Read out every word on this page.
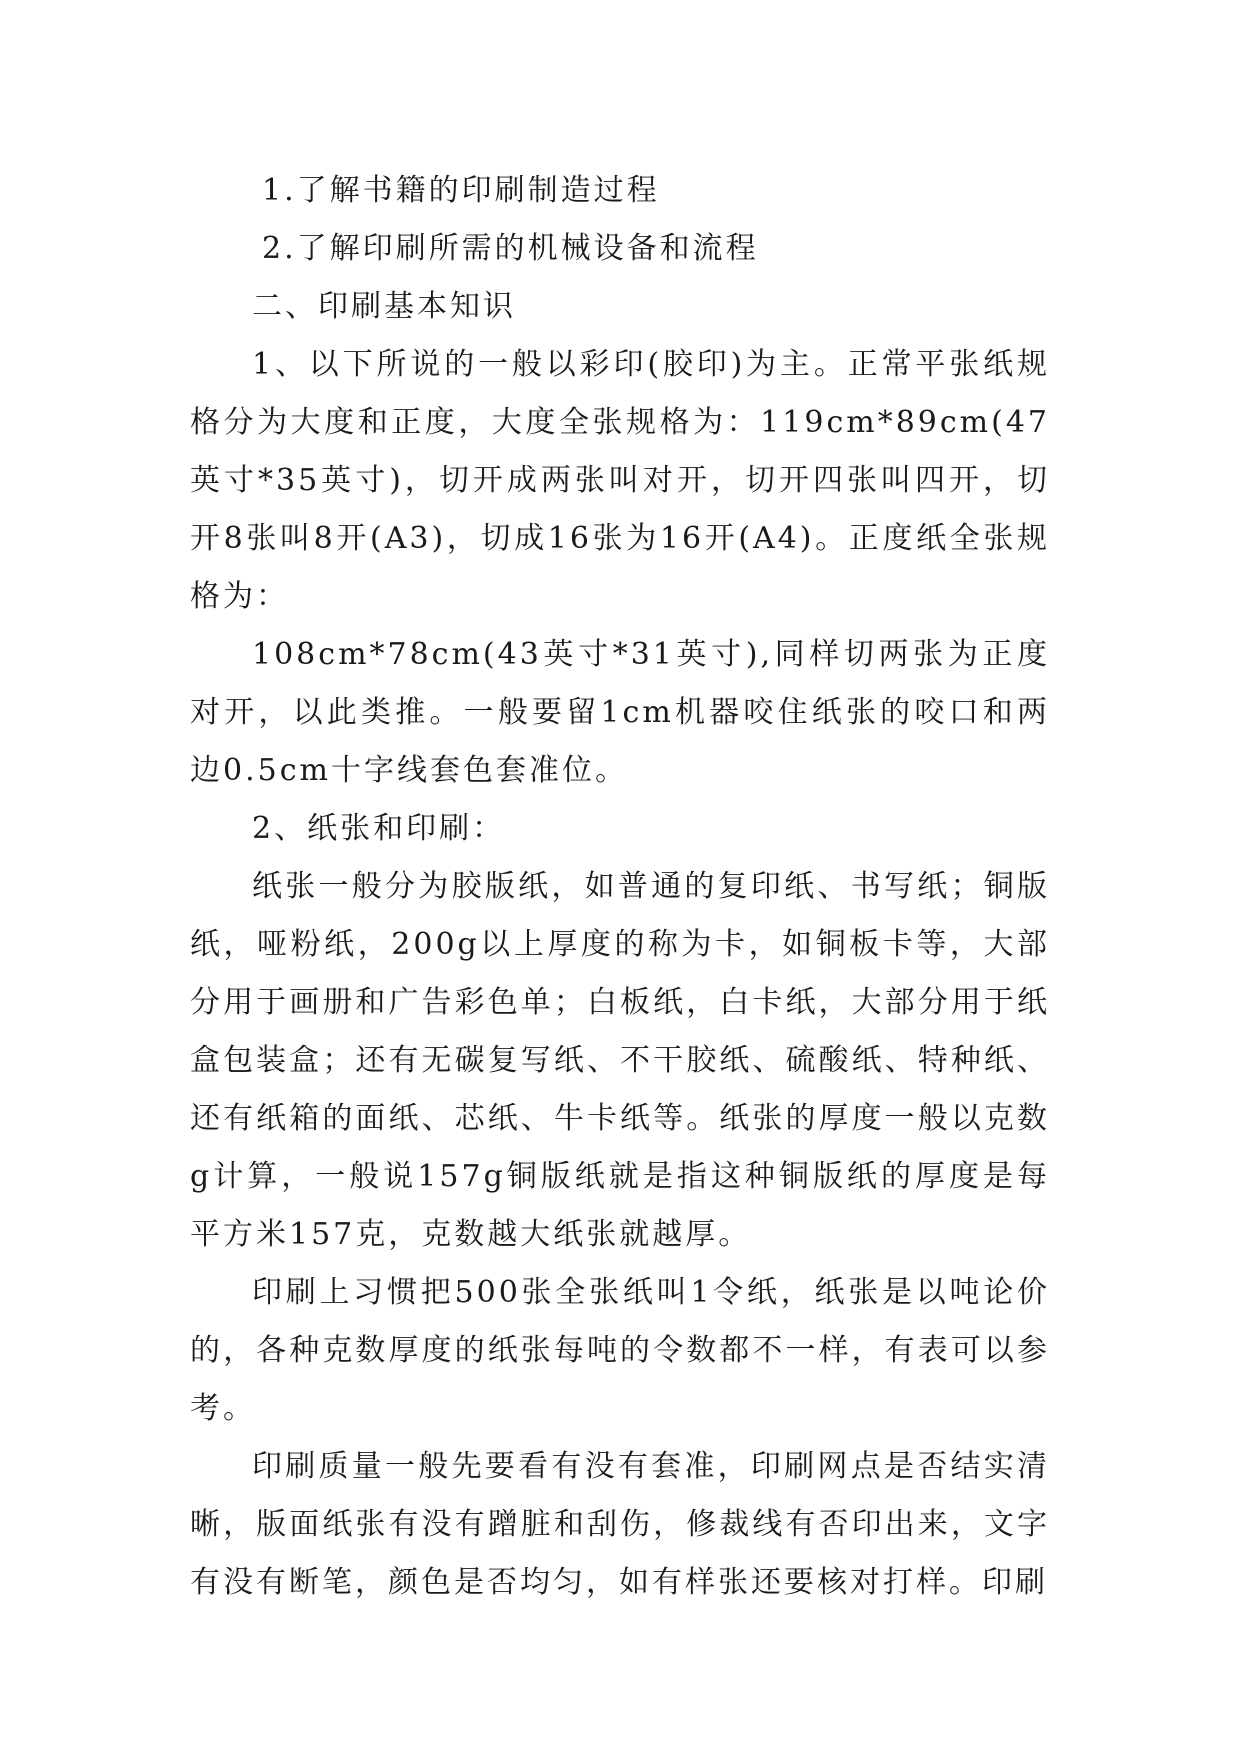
1.了解书籍的印刷制造过程

2.了解印刷所需的机械设备和流程

二、印刷基本知识

1、以下所说的一般以彩印(胶印)为主。正常平张纸规格分为大度和正度，大度全张规格为：119cm*89cm(47英寸*35英寸)，切开成两张叫对开，切开四张叫四开，切开8张叫8开(A3)，切成16张为16开(A4)。正度纸全张规格为：

108cm*78cm(43英寸*31英寸),同样切两张为正度对开，以此类推。一般要留1cm机器咬住纸张的咬口和两边0.5cm十字线套色套准位。

2、纸张和印刷：

纸张一般分为胶版纸，如普通的复印纸、书写纸；铜版纸，哑粉纸，200g以上厚度的称为卡，如铜板卡等，大部分用于画册和广告彩色单；白板纸，白卡纸，大部分用于纸盒包装盒；还有无碳复写纸、不干胶纸、硫酸纸、特种纸、还有纸箱的面纸、芯纸、牛卡纸等。纸张的厚度一般以克数g计算，一般说157g铜版纸就是指这种铜版纸的厚度是每平方米157克，克数越大纸张就越厚。

印刷上习惯把500张全张纸叫1令纸，纸张是以吨论价的，各种克数厚度的纸张每吨的令数都不一样，有表可以参考。

印刷质量一般先要看有没有套准，印刷网点是否结实清晰，版面纸张有没有蹭脏和刮伤，修裁线有否印出来，文字有没有断笔，颜色是否均匀，如有样张还要核对打样。印刷
